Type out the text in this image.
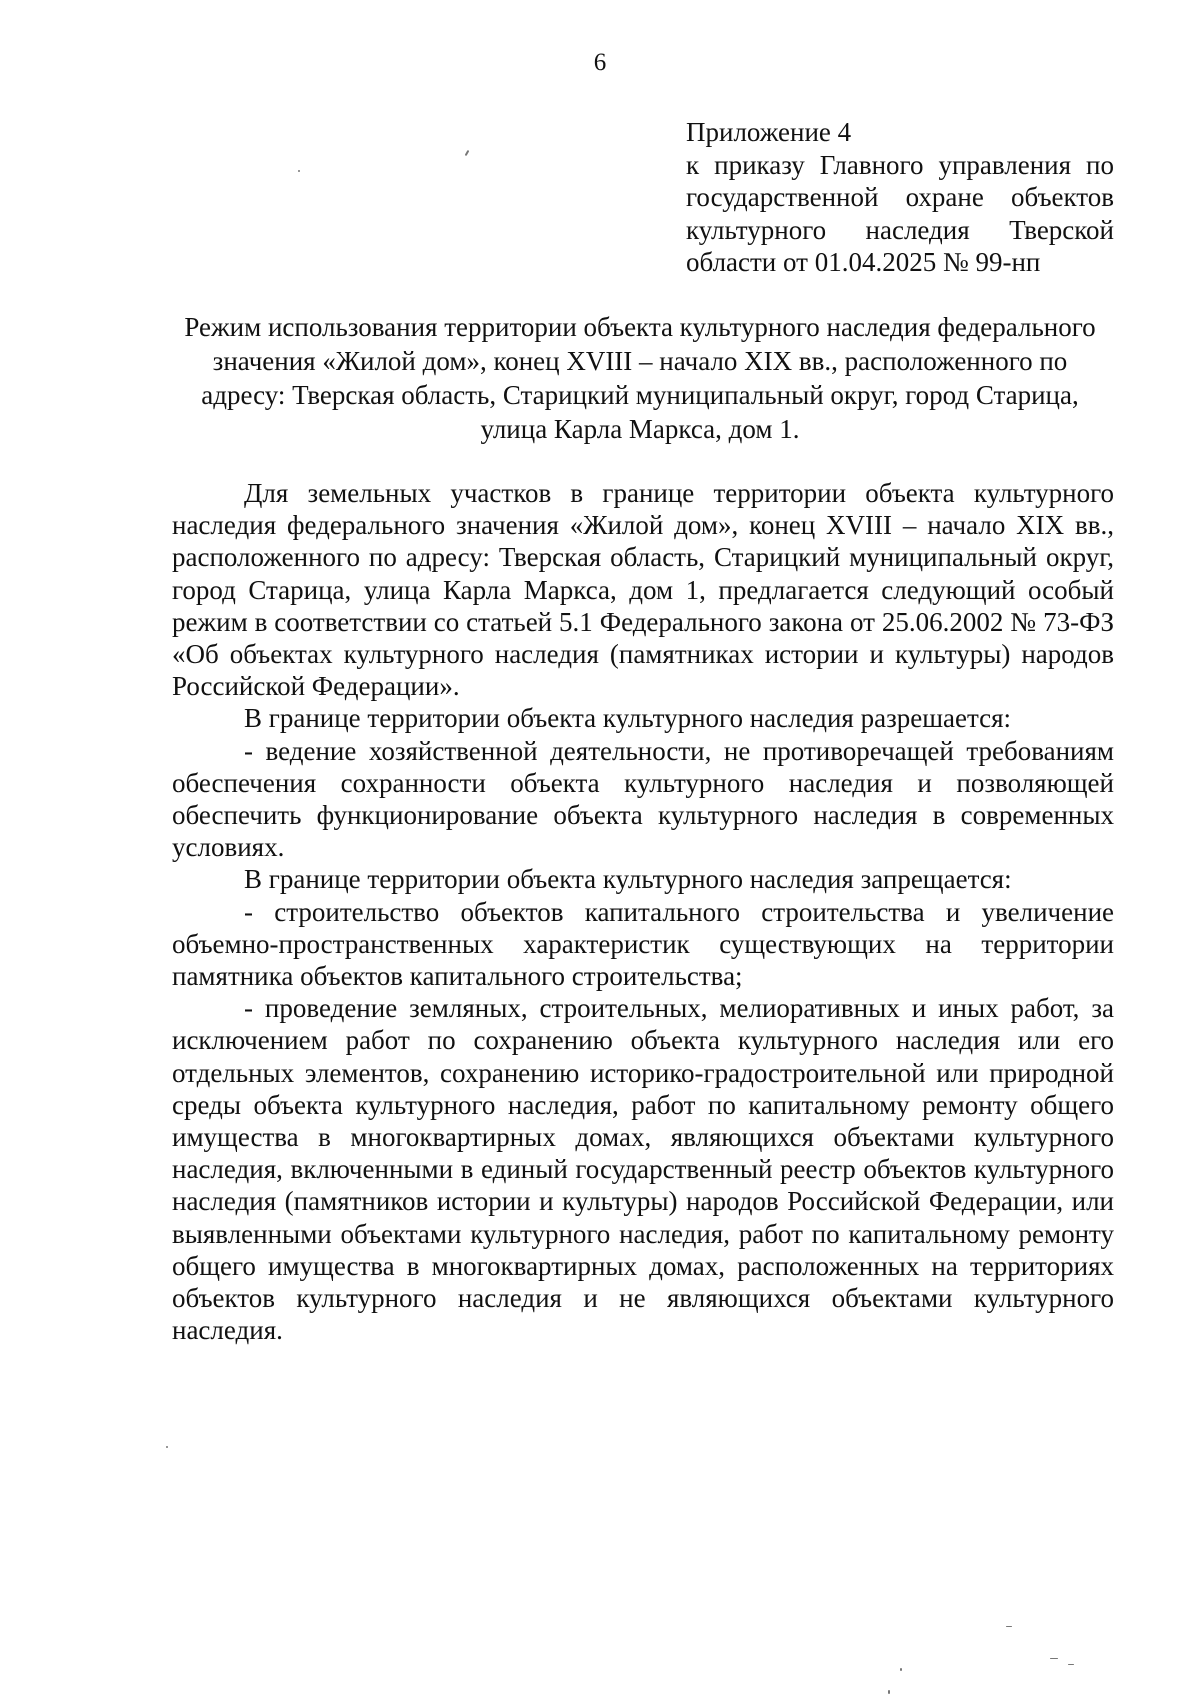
6
Приложение 4
к приказу Главного управления по государственной охране объектов культурного наследия Тверской области от 01.04.2025 № 99-нп
Режим использования территории объекта культурного наследия федерального значения «Жилой дом», конец XVIII – начало XIX вв., расположенного по адресу: Тверская область, Старицкий муниципальный округ, город Старица, улица Карла Маркса, дом 1.

Для земельных участков в границе территории объекта культурного наследия федерального значения «Жилой дом», конец XVIII – начало XIX вв., расположенного по адресу: Тверская область, Старицкий муниципальный округ, город Старица, улица Карла Маркса, дом 1, предлагается следующий особый режим в соответствии со статьей 5.1 Федерального закона от 25.06.2002 № 73-ФЗ «Об объектах культурного наследия (памятниках истории и культуры) народов Российской Федерации».

В границе территории объекта культурного наследия разрешается:

- ведение хозяйственной деятельности, не противоречащей требованиям обеспечения сохранности объекта культурного наследия и позволяющей обеспечить функционирование объекта культурного наследия в современных условиях.

В границе территории объекта культурного наследия запрещается:

- строительство объектов капитального строительства и увеличение объемно-пространственных характеристик существующих на территории памятника объектов капитального строительства;

- проведение земляных, строительных, мелиоративных и иных работ, за исключением работ по сохранению объекта культурного наследия или его отдельных элементов, сохранению историко-градостроительной или природной среды объекта культурного наследия, работ по капитальному ремонту общего имущества в многоквартирных домах, являющихся объектами культурного наследия, включенными в единый государственный реестр объектов культурного наследия (памятников истории и культуры) народов Российской Федерации, или выявленными объектами культурного наследия, работ по капитальному ремонту общего имущества в многоквартирных домах, расположенных на территориях объектов культурного наследия и не являющихся объектами культурного наследия.
